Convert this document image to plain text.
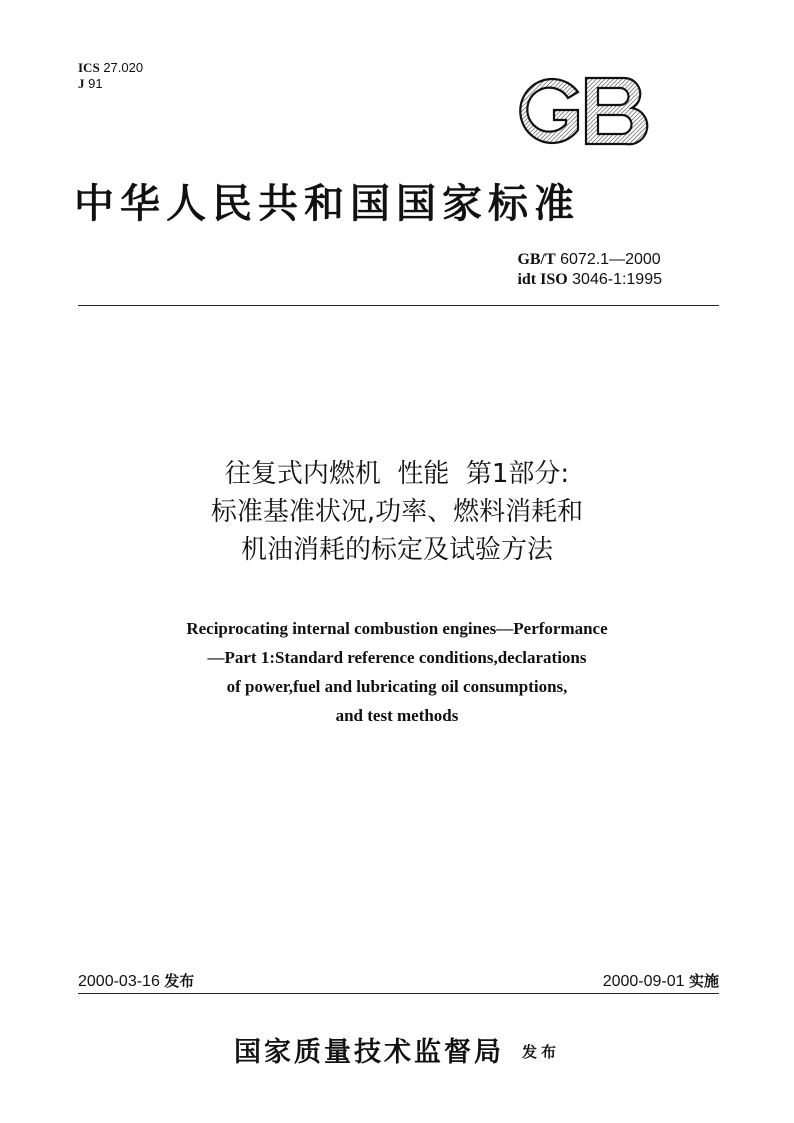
ICS 27.020
J 91
中华人民共和国国家标准
GB/T 6072.1—2000
idt ISO 3046-1:1995
往复式内燃机  性能  第1部分:
标准基准状况,功率、燃料消耗和
机油消耗的标定及试验方法
Reciprocating internal combustion engines—Performance
—Part 1:Standard reference conditions,declarations
of power,fuel and lubricating oil consumptions,
and test methods
2000-03-16 发布	2000-09-01 实施
国家质量技术监督局 发布
